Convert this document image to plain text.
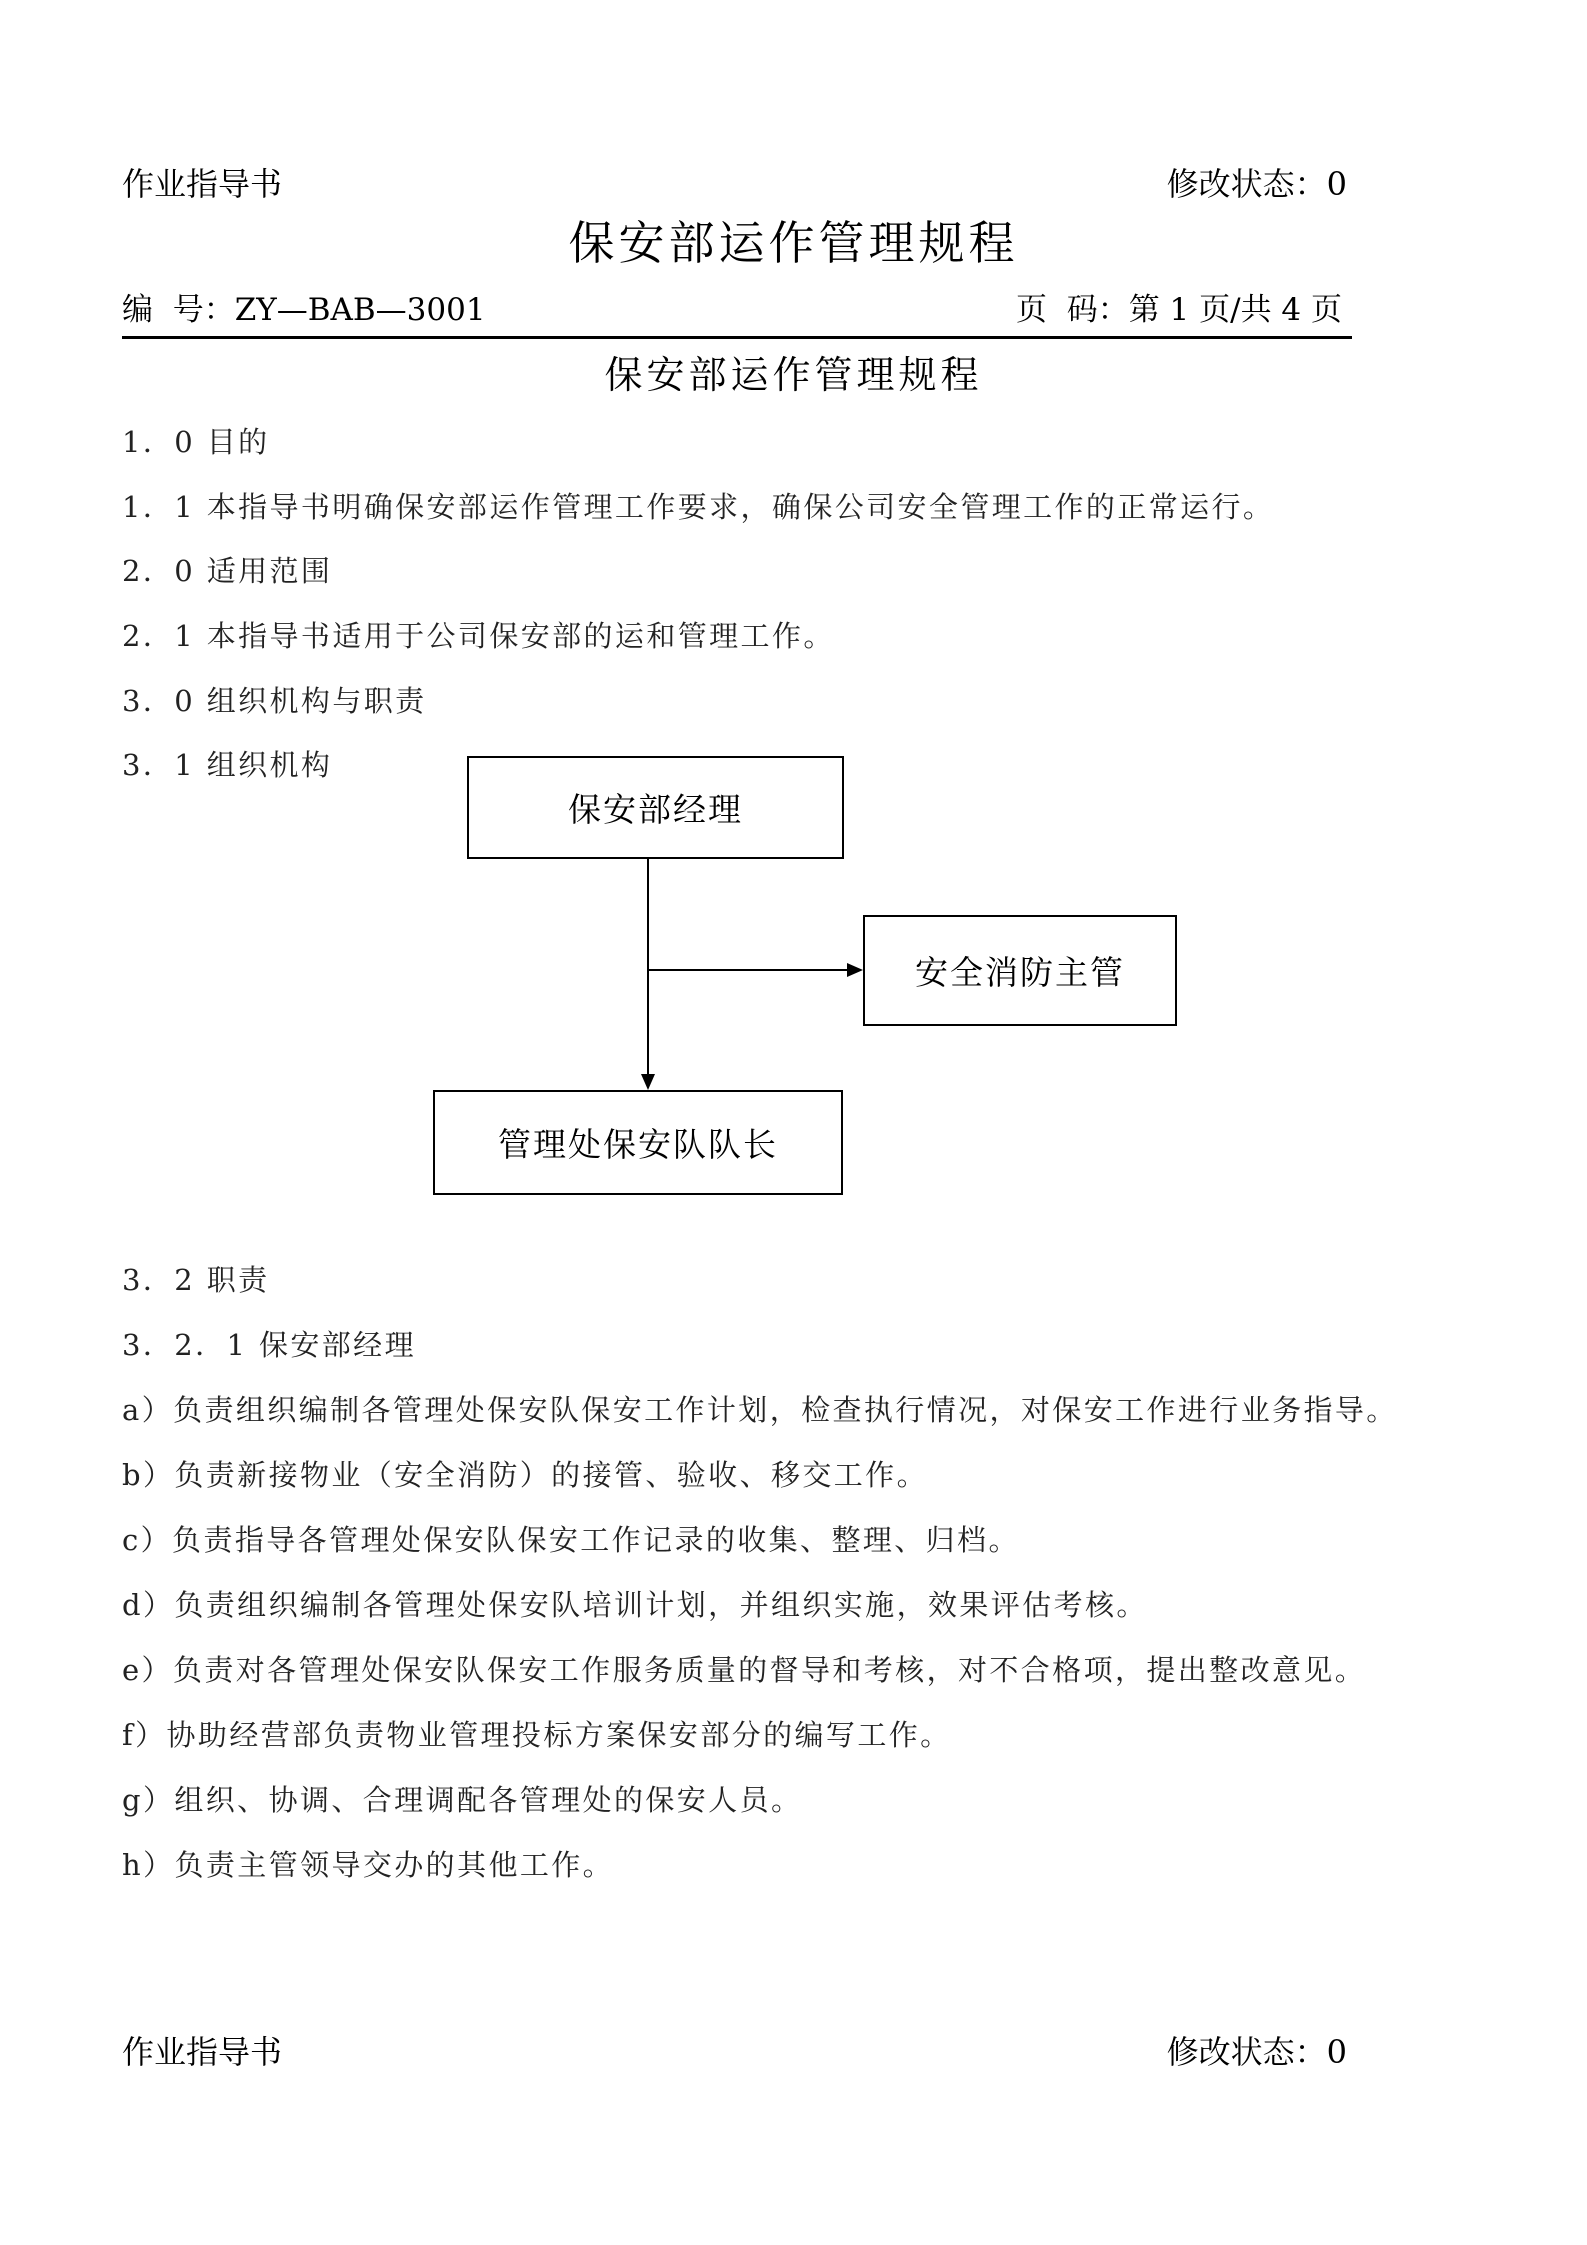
作业指导书	修改状态：0
保安部运作管理规程
编  号：ZY—BAB—3001	页  码：第 1 页/共 4 页
保安部运作管理规程
1．0 目的
1．1 本指导书明确保安部运作管理工作要求，确保公司安全管理工作的正常运行。
2．0 适用范围
2．1 本指导书适用于公司保安部的运和管理工作。
3．0 组织机构与职责
3．1 组织机构
保安部经理
安全消防主管
管理处保安队队长
3．2 职责
3．2．1 保安部经理
a）负责组织编制各管理处保安队保安工作计划，检查执行情况，对保安工作进行业务指导。
b）负责新接物业（安全消防）的接管、验收、移交工作。
c）负责指导各管理处保安队保安工作记录的收集、整理、归档。
d）负责组织编制各管理处保安队培训计划，并组织实施，效果评估考核。
e）负责对各管理处保安队保安工作服务质量的督导和考核，对不合格项，提出整改意见。
f）协助经营部负责物业管理投标方案保安部分的编写工作。
g）组织、协调、合理调配各管理处的保安人员。
h）负责主管领导交办的其他工作。
作业指导书	修改状态：0
